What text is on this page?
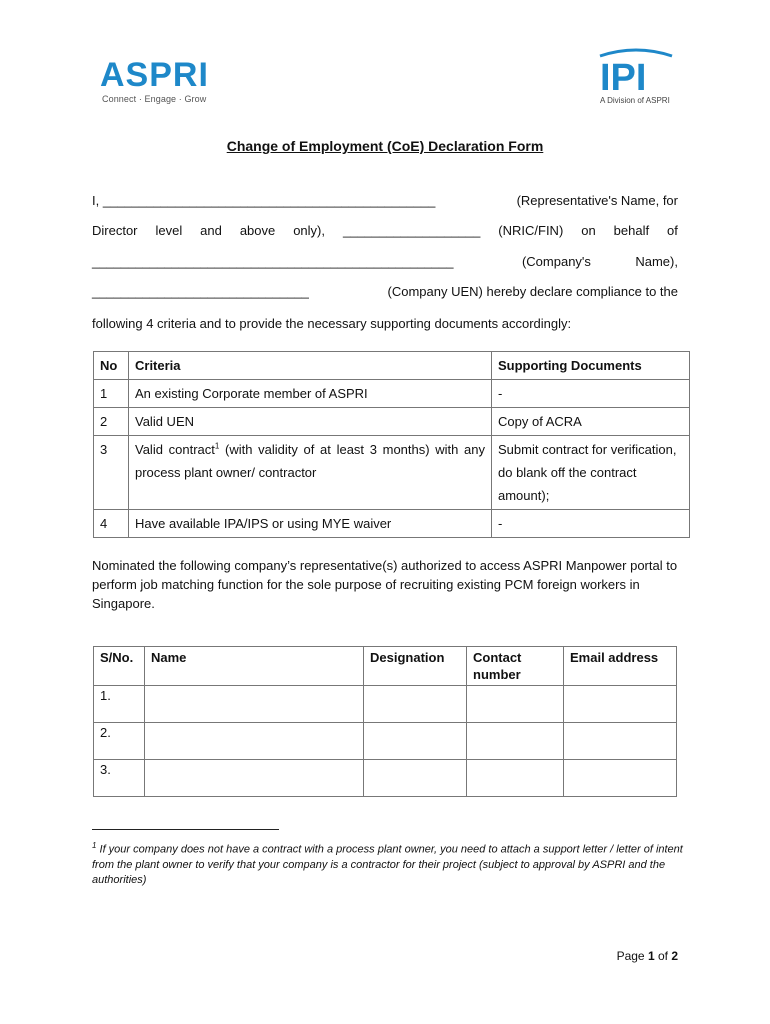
ASPRI
Connect · Engage · Grow	IPI
A Division of ASPRI
Change of Employment (CoE) Declaration Form
I, ______________________________________________	(Representative's Name, for
Director level and above only), ___________________ (NRIC/FIN) on behalf of
__________________________________________________	(Company's	Name),
______________________________	(Company UEN) hereby declare compliance to the
following 4 criteria and to provide the necessary supporting documents accordingly:
No	Criteria	Supporting Documents
1	An existing Corporate member of ASPRI	-
2	Valid UEN	Copy of ACRA
3	Valid contract$^1$ (with validity of at least 3 months) with any process plant owner/ contractor	Submit contract for verification, do blank off the contract amount);
4	Have available IPA/IPS or using MYE waiver	-
Nominated the following company’s representative(s) authorized to access ASPRI Manpower portal to perform job matching function for the sole purpose of recruiting existing PCM foreign workers in Singapore.
S/No.	Name	Designation	Contact number	Email address
1.				
2.				
3.				
$^1$ If your company does not have a contract with a process plant owner, you need to attach a support letter / letter of intent from the plant owner to verify that your company is a contractor for their project (subject to approval by ASPRI and the authorities)
Page 1 of 2
